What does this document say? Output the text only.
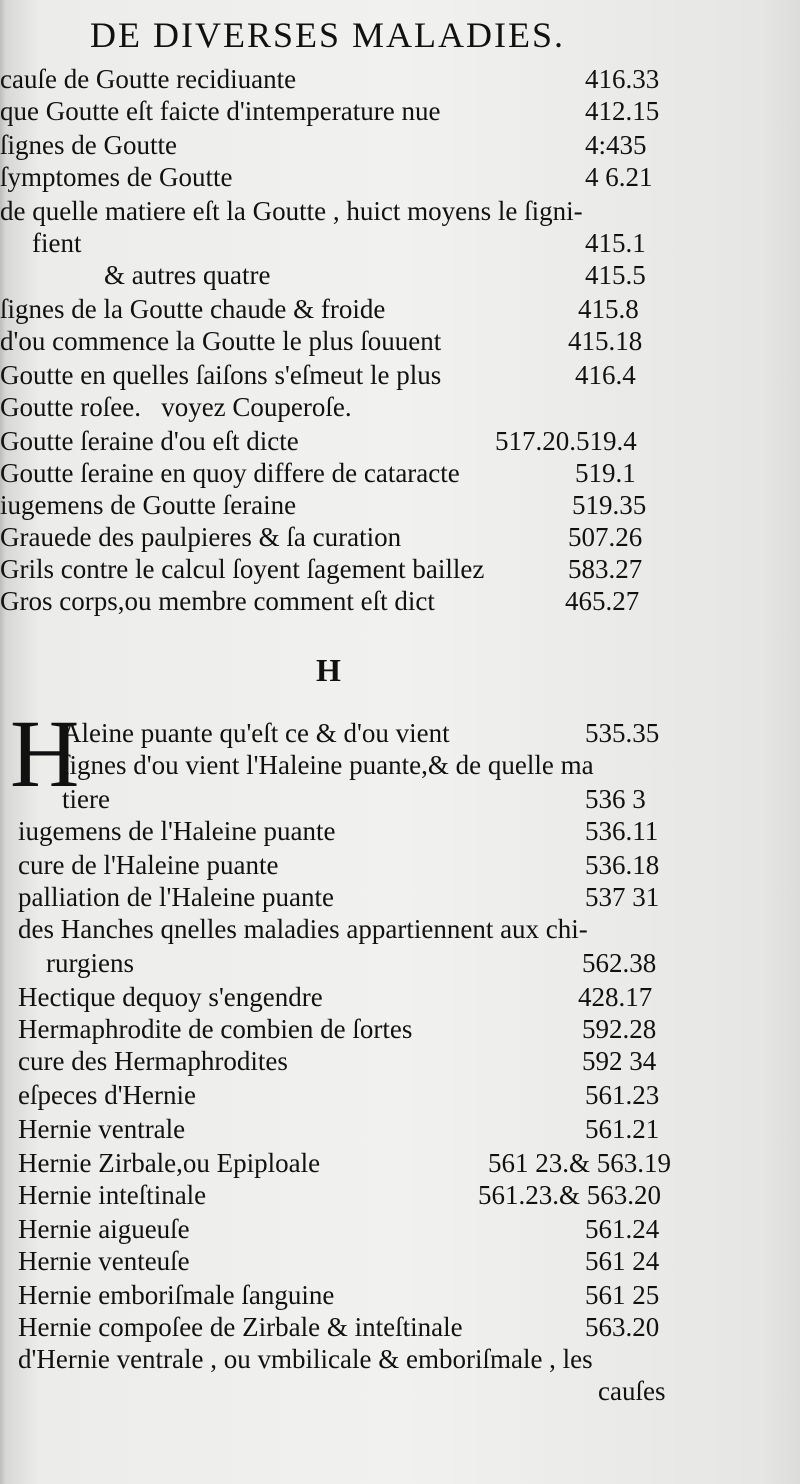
DE DIVERSES MALADIES.
cauſe de Goutte recidiuante	416.33
que Goutte eſt faicte d'intemperature nue	412.15
ſignes de Goutte	4:435
ſymptomes de Goutte	4 6.21
de quelle matiere eſt la Goutte , huict moyens le ſigni-
fient	415.1
& autres quatre	415.5
ſignes de la Goutte chaude & froide	415.8
d'ou commence la Goutte le plus ſouuent	415.18
Goutte en quelles ſaiſons s'eſmeut le plus	416.4
Goutte roſee.   voyez Couperoſe.
Goutte ſeraine d'ou eſt dicte	517.20.519.4
Goutte ſeraine en quoy differe de cataracte	519.1
iugemens de Goutte ſeraine	519.35
Grauede des paulpieres & ſa curation	507.26
Grils contre le calcul ſoyent ſagement baillez	583.27
Gros corps,ou membre comment eſt dict	465.27
H
H
Aleine puante qu'eſt ce & d'ou vient	535.35
ſignes d'ou vient l'Haleine puante,& de quelle ma
tiere	536 3
iugemens de l'Haleine puante	536.11
cure de l'Haleine puante	536.18
palliation de l'Haleine puante	537 31
des Hanches qnelles maladies appartiennent aux chi-
rurgiens	562.38
Hectique dequoy s'engendre	428.17
Hermaphrodite de combien de ſortes	592.28
cure des Hermaphrodites	592 34
eſpeces d'Hernie	561.23
Hernie ventrale	561.21
Hernie Zirbale,ou Epiploale	561 23.& 563.19
Hernie inteſtinale	561.23.& 563.20
Hernie aigueuſe	561.24
Hernie venteuſe	561 24
Hernie emboriſmale ſanguine	561 25
Hernie compoſee de Zirbale & inteſtinale	563.20
d'Hernie ventrale , ou vmbilicale & emboriſmale , les
cauſes
